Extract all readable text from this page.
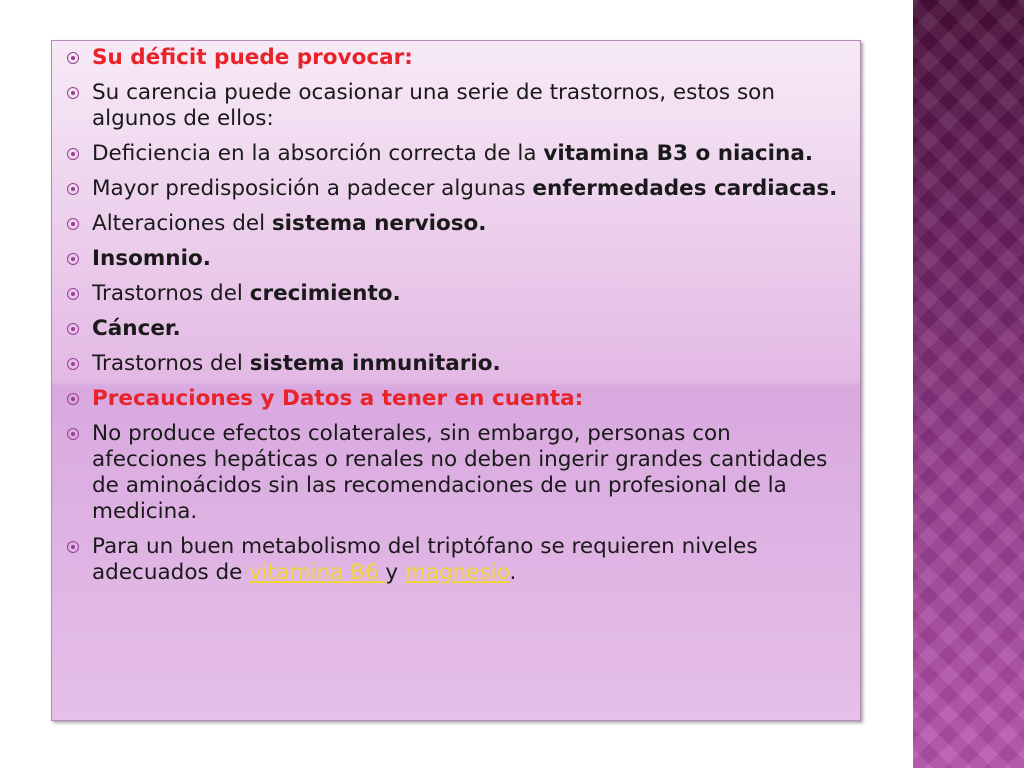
Su déficit puede provocar:
Su carencia puede ocasionar una serie de trastornos, estos son algunos de ellos:
Deficiencia en la absorción correcta de la vitamina B3 o niacina.
Mayor predisposición a padecer algunas enfermedades cardiacas.
Alteraciones del sistema nervioso.
Insomnio.
Trastornos del crecimiento.
Cáncer.
Trastornos del sistema inmunitario.
Precauciones y Datos a tener en cuenta:
No produce efectos colaterales, sin embargo, personas con afecciones hepáticas o renales no deben ingerir grandes cantidades de aminoácidos sin las recomendaciones de un profesional de la medicina.
Para un buen metabolismo del triptófano se requieren niveles adecuados de vitamina B6 y magnesio.
